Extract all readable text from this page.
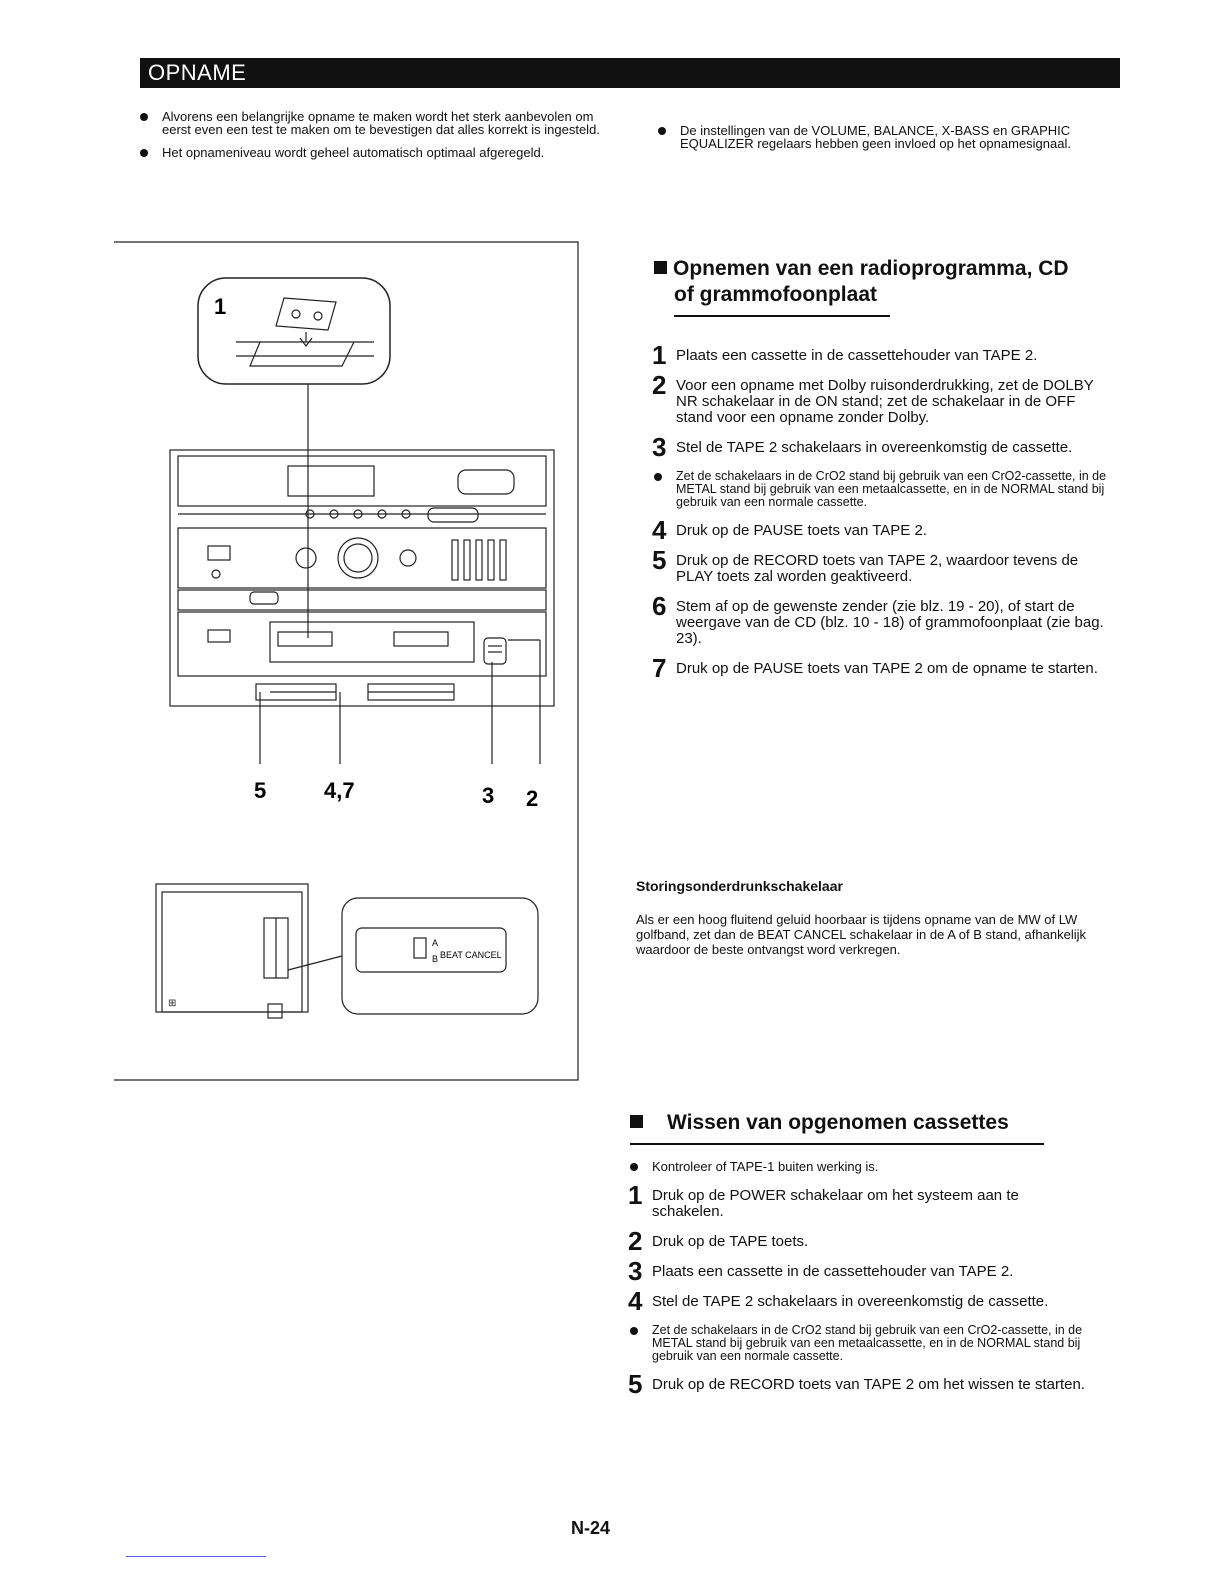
OPNAME
Alvorens een belangrijke opname te maken wordt het sterk aanbevolen om eerst even een test te maken om te bevestigen dat alles korrekt is ingesteld.
Het opnameniveau wordt geheel automatisch optimaal afgeregeld.
De instellingen van de VOLUME, BALANCE, X-BASS en GRAPHIC EQUALIZER regelaars hebben geen invloed op het opnamesignaal.
1
5	4,7	3 2
⊞
A
B BEAT CANCEL
Opnemen van een radioprogramma, CD
of grammofoonplaat
1 Plaats een cassette in de cassettehouder van TAPE 2.
2 Voor een opname met Dolby ruisonderdrukking, zet de DOLBY NR schakelaar in de ON stand; zet de schakelaar in de OFF stand voor een opname zonder Dolby.
3 Stel de TAPE 2 schakelaars in overeenkomstig de cassette.
Zet de schakelaars in de CrO2 stand bij gebruik van een CrO2-cassette, in de METAL stand bij gebruik van een metaalcassette, en in de NORMAL stand bij gebruik van een normale cassette.
4 Druk op de PAUSE toets van TAPE 2.
5 Druk op de RECORD toets van TAPE 2, waardoor tevens de PLAY toets zal worden geaktiveerd.
6 Stem af op de gewenste zender (zie blz. 19 - 20), of start de weergave van de CD (blz. 10 - 18) of grammofoonplaat (zie bag. 23).
7 Druk op de PAUSE toets van TAPE 2 om de opname te starten.
Storingsonderdrunkschakelaar
Als er een hoog fluitend geluid hoorbaar is tijdens opname van de MW of LW golfband, zet dan de BEAT CANCEL schakelaar in de A of B stand, afhankelijk waardoor de beste ontvangst word verkregen.
Wissen van opgenomen cassettes
Kontroleer of TAPE-1 buiten werking is.
1 Druk op de POWER schakelaar om het systeem aan te schakelen.
2 Druk op de TAPE toets.
3 Plaats een cassette in de cassettehouder van TAPE 2.
4 Stel de TAPE 2 schakelaars in overeenkomstig de cassette.
Zet de schakelaars in de CrO2 stand bij gebruik van een CrO2-cassette, in de METAL stand bij gebruik van een metaalcassette, en in de NORMAL stand bij gebruik van een normale cassette.
5 Druk op de RECORD toets van TAPE 2 om het wissen te starten.
N-24
